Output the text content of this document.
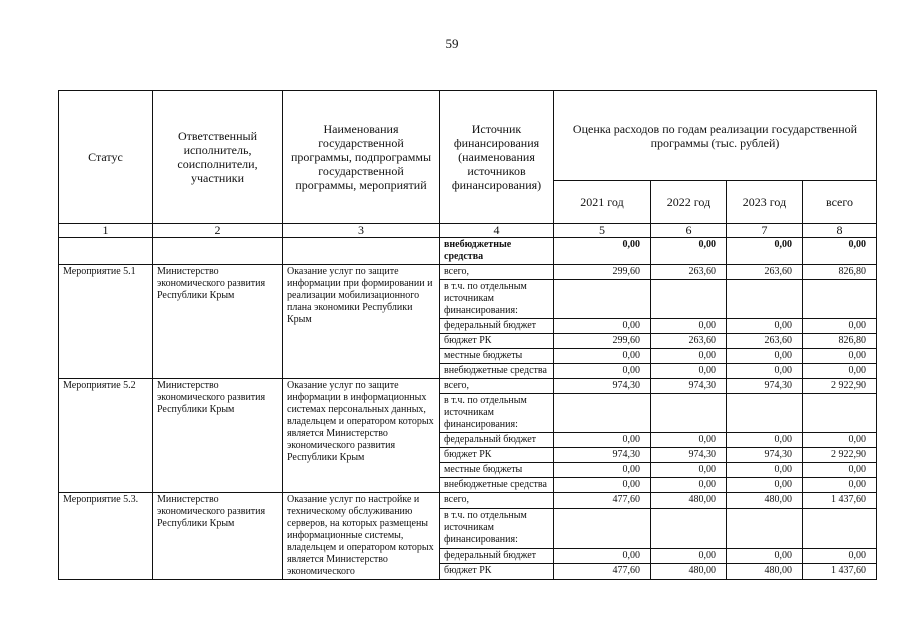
59
Статус	Ответственный исполнитель, соисполнители, участники	Наименования государственной программы, подпрограммы государственной программы, мероприятий	Источник финансирования (наименования источников финансирования)	Оценка расходов по годам реализации государственной программы (тыс. рублей)			
				2021 год	2022 год	2023 год	всего
1	2	3	4	5	6	7	8
			внебюджетные средства	0,00	0,00	0,00	0,00
Мероприятие 5.1	Министерство экономического развития Республики Крым	Оказание услуг по защите информации при формировании и реализации мобилизационного плана экономики Республики Крым	всего,	299,60	263,60	263,60	826,80
			в т.ч. по отдельным источникам финансирования:				
			федеральный бюджет	0,00	0,00	0,00	0,00
			бюджет РК	299,60	263,60	263,60	826,80
			местные бюджеты	0,00	0,00	0,00	0,00
			внебюджетные средства	0,00	0,00	0,00	0,00
Мероприятие 5.2	Министерство экономического развития Республики Крым	Оказание услуг по защите информации в информационных системах персональных данных, владельцем и оператором которых является Министерство экономического развития Республики Крым	всего,	974,30	974,30	974,30	2 922,90
			в т.ч. по отдельным источникам финансирования:				
			федеральный бюджет	0,00	0,00	0,00	0,00
			бюджет РК	974,30	974,30	974,30	2 922,90
			местные бюджеты	0,00	0,00	0,00	0,00
			внебюджетные средства	0,00	0,00	0,00	0,00
Мероприятие 5.3.	Министерство экономического развития Республики Крым	Оказание услуг по настройке и техническому обслуживанию серверов, на которых размещены информационные системы, владельцем и оператором которых является Министерство экономического	всего,	477,60	480,00	480,00	1 437,60
			в т.ч. по отдельным источникам финансирования:				
			федеральный бюджет	0,00	0,00	0,00	0,00
			бюджет РК	477,60	480,00	480,00	1 437,60
